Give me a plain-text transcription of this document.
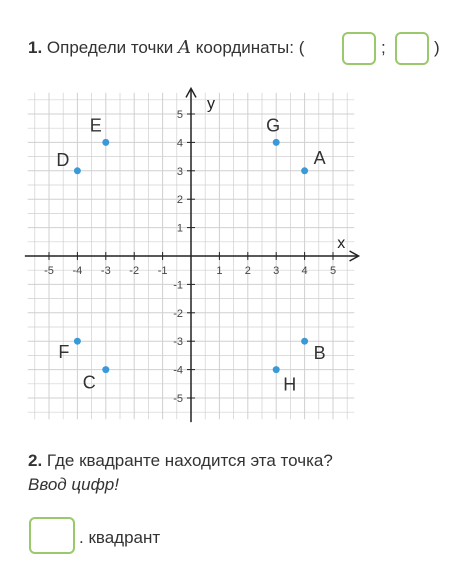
1. Определи точки A координаты: (	;	)
x
y
-5 -4 -3 -2 -1	1 2 3 4 5
5
4
3
2
1
-1
-2
-3
-4
-5
A
B
C
D
E
F
G
H
2. Где квадранте находится эта точка?
Ввод цифр!
. квадрант
